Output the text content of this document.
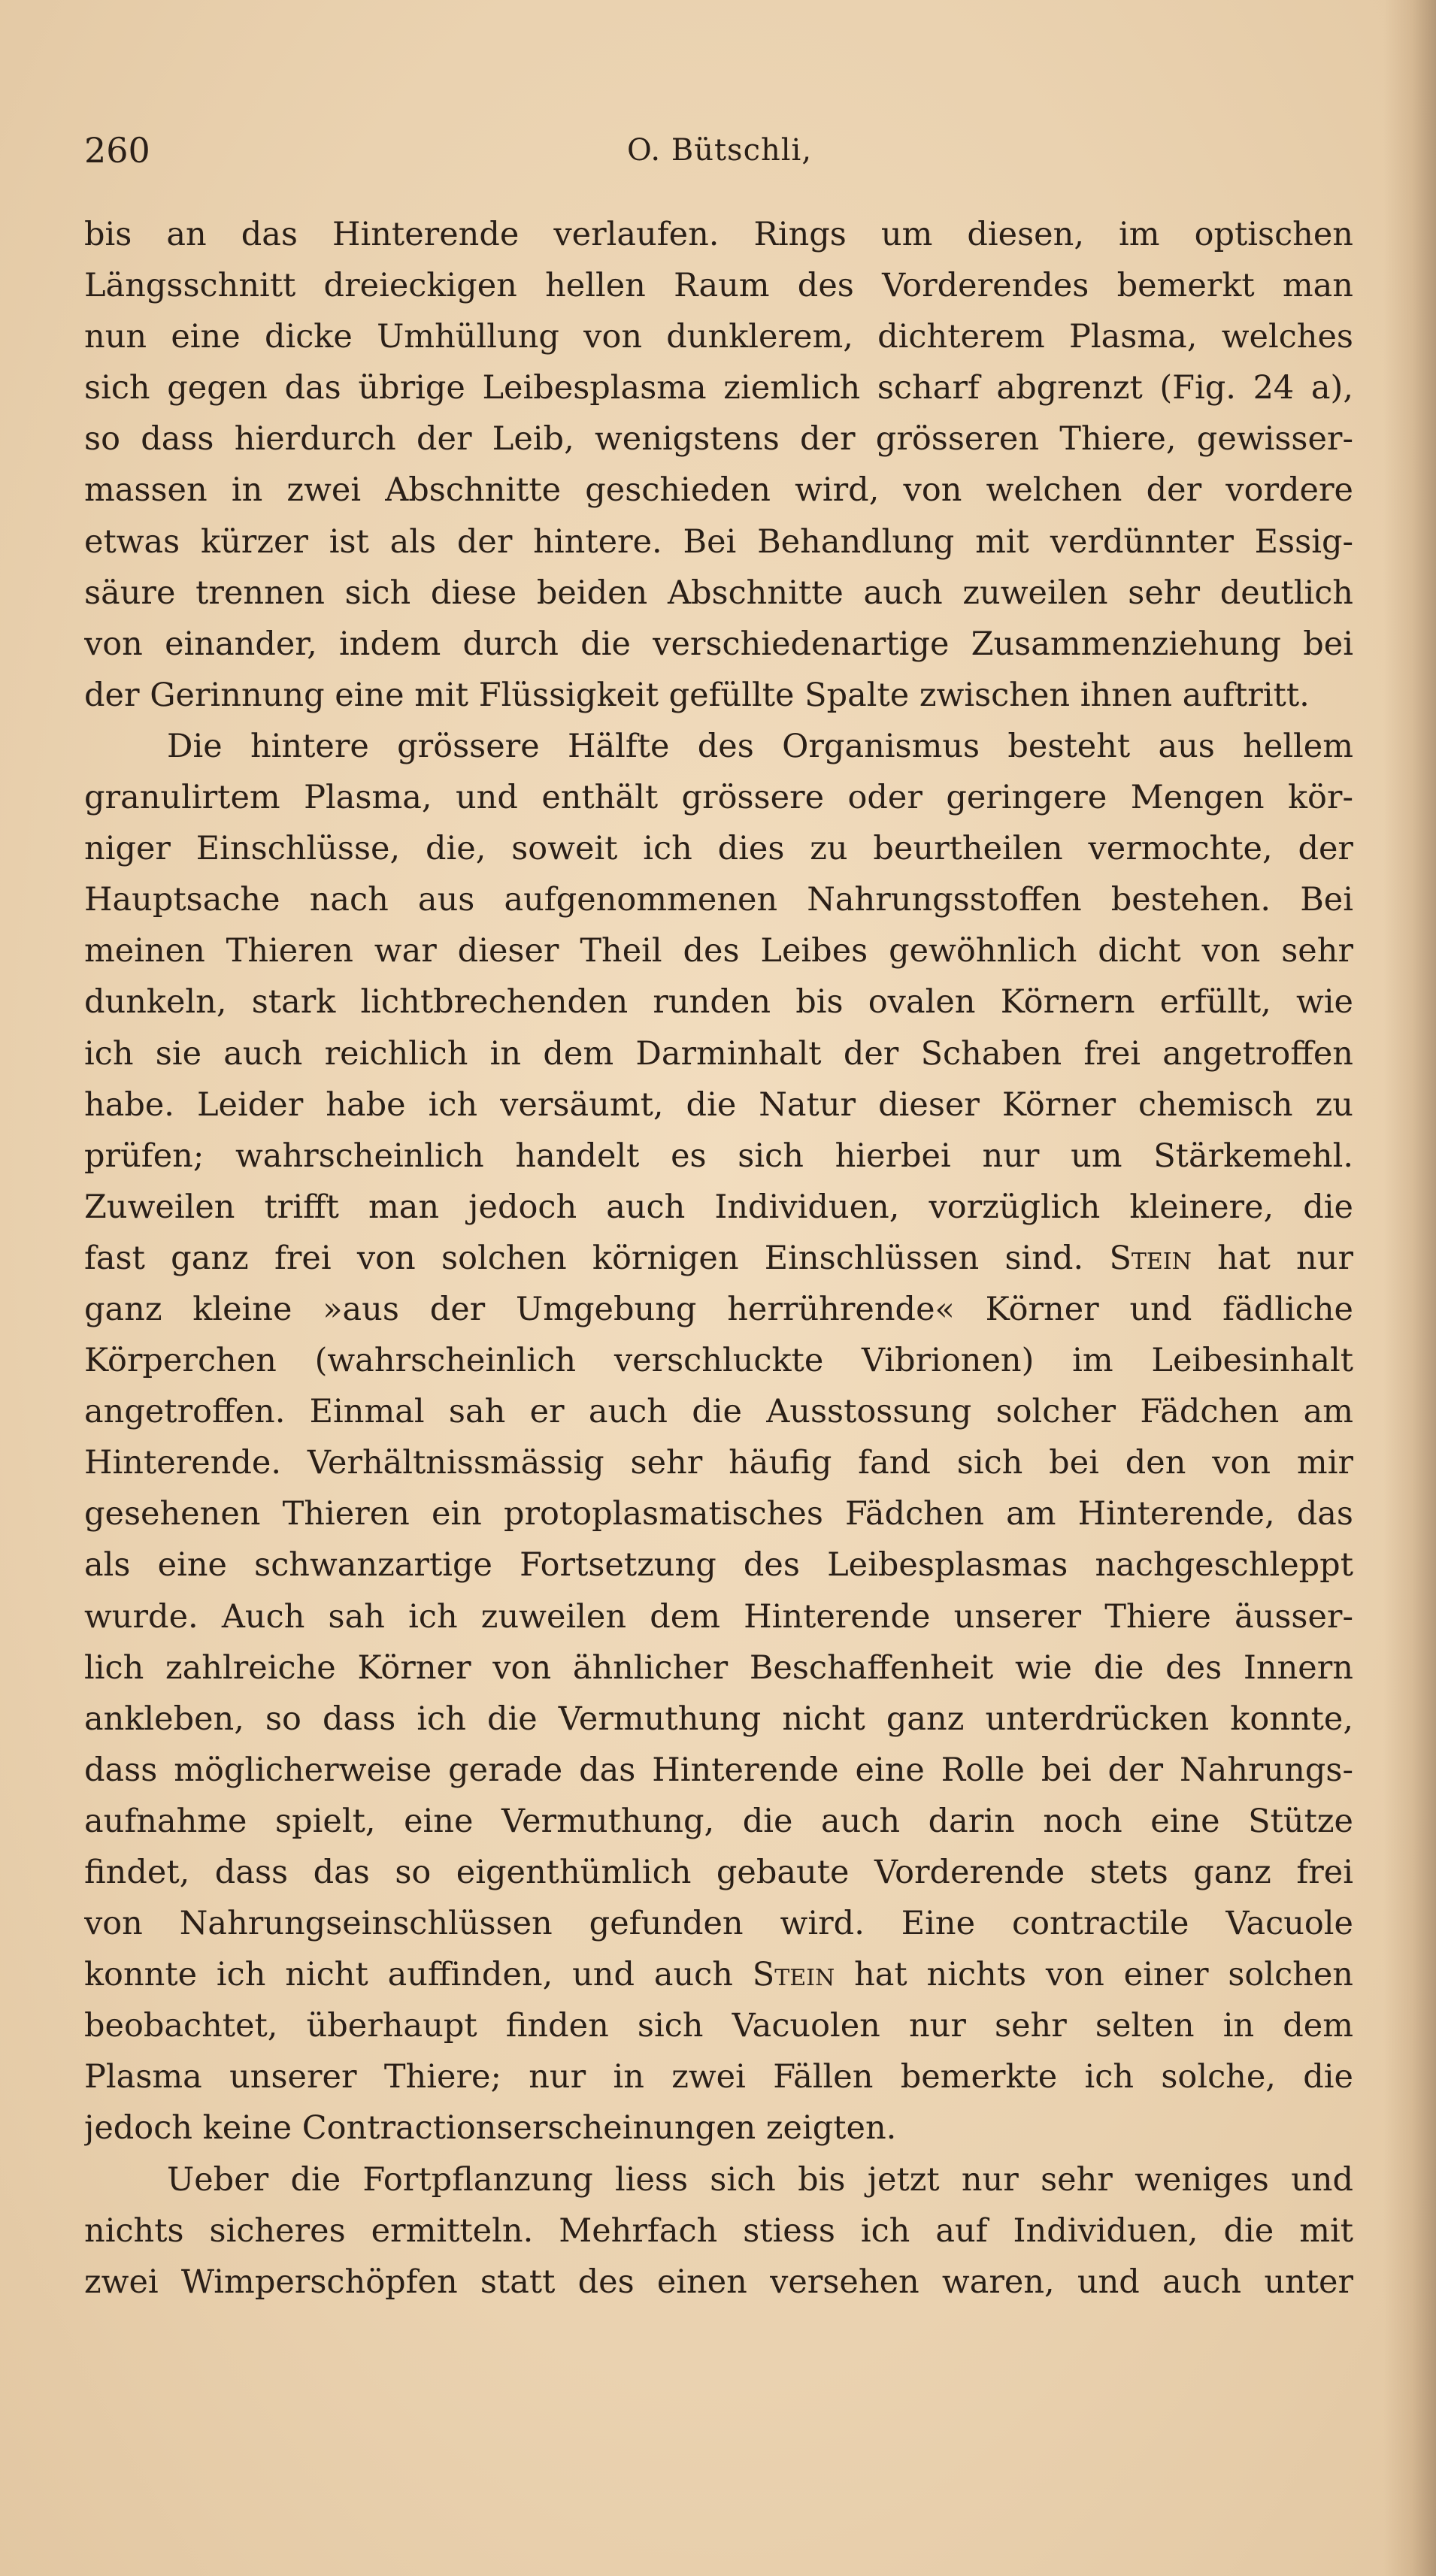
260	O. Bütschli,
bis an das Hinterende verlaufen. Rings um diesen, im optischen
Längsschnitt dreieckigen hellen Raum des Vorderendes bemerkt man
nun eine dicke Umhüllung von dunklerem, dichterem Plasma, welches
sich gegen das übrige Leibesplasma ziemlich scharf abgrenzt (Fig. 24 a),
so dass hierdurch der Leib, wenigstens der grösseren Thiere, gewisser-
massen in zwei Abschnitte geschieden wird, von welchen der vordere
etwas kürzer ist als der hintere. Bei Behandlung mit verdünnter Essig-
säure trennen sich diese beiden Abschnitte auch zuweilen sehr deutlich
von einander, indem durch die verschiedenartige Zusammenziehung bei
der Gerinnung eine mit Flüssigkeit gefüllte Spalte zwischen ihnen auftritt.
Die hintere grössere Hälfte des Organismus besteht aus hellem
granulirtem Plasma, und enthält grössere oder geringere Mengen kör-
niger Einschlüsse, die, soweit ich dies zu beurtheilen vermochte, der
Hauptsache nach aus aufgenommenen Nahrungsstoffen bestehen. Bei
meinen Thieren war dieser Theil des Leibes gewöhnlich dicht von sehr
dunkeln, stark lichtbrechenden runden bis ovalen Körnern erfüllt, wie
ich sie auch reichlich in dem Darminhalt der Schaben frei angetroffen
habe. Leider habe ich versäumt, die Natur dieser Körner chemisch zu
prüfen; wahrscheinlich handelt es sich hierbei nur um Stärkemehl.
Zuweilen trifft man jedoch auch Individuen, vorzüglich kleinere, die
fast ganz frei von solchen körnigen Einschlüssen sind. Stein hat nur
ganz kleine »aus der Umgebung herrührende« Körner und fädliche
Körperchen (wahrscheinlich verschluckte Vibrionen) im Leibesinhalt
angetroffen. Einmal sah er auch die Ausstossung solcher Fädchen am
Hinterende. Verhältnissmässig sehr häufig fand sich bei den von mir
gesehenen Thieren ein protoplasmatisches Fädchen am Hinterende, das
als eine schwanzartige Fortsetzung des Leibesplasmas nachgeschleppt
wurde. Auch sah ich zuweilen dem Hinterende unserer Thiere äusser-
lich zahlreiche Körner von ähnlicher Beschaffenheit wie die des Innern
ankleben, so dass ich die Vermuthung nicht ganz unterdrücken konnte,
dass möglicherweise gerade das Hinterende eine Rolle bei der Nahrungs-
aufnahme spielt, eine Vermuthung, die auch darin noch eine Stütze
findet, dass das so eigenthümlich gebaute Vorderende stets ganz frei
von Nahrungseinschlüssen gefunden wird. Eine contractile Vacuole
konnte ich nicht auffinden, und auch Stein hat nichts von einer solchen
beobachtet, überhaupt finden sich Vacuolen nur sehr selten in dem
Plasma unserer Thiere; nur in zwei Fällen bemerkte ich solche, die
jedoch keine Contractionserscheinungen zeigten.
Ueber die Fortpflanzung liess sich bis jetzt nur sehr weniges und
nichts sicheres ermitteln. Mehrfach stiess ich auf Individuen, die mit
zwei Wimperschöpfen statt des einen versehen waren, und auch unter
